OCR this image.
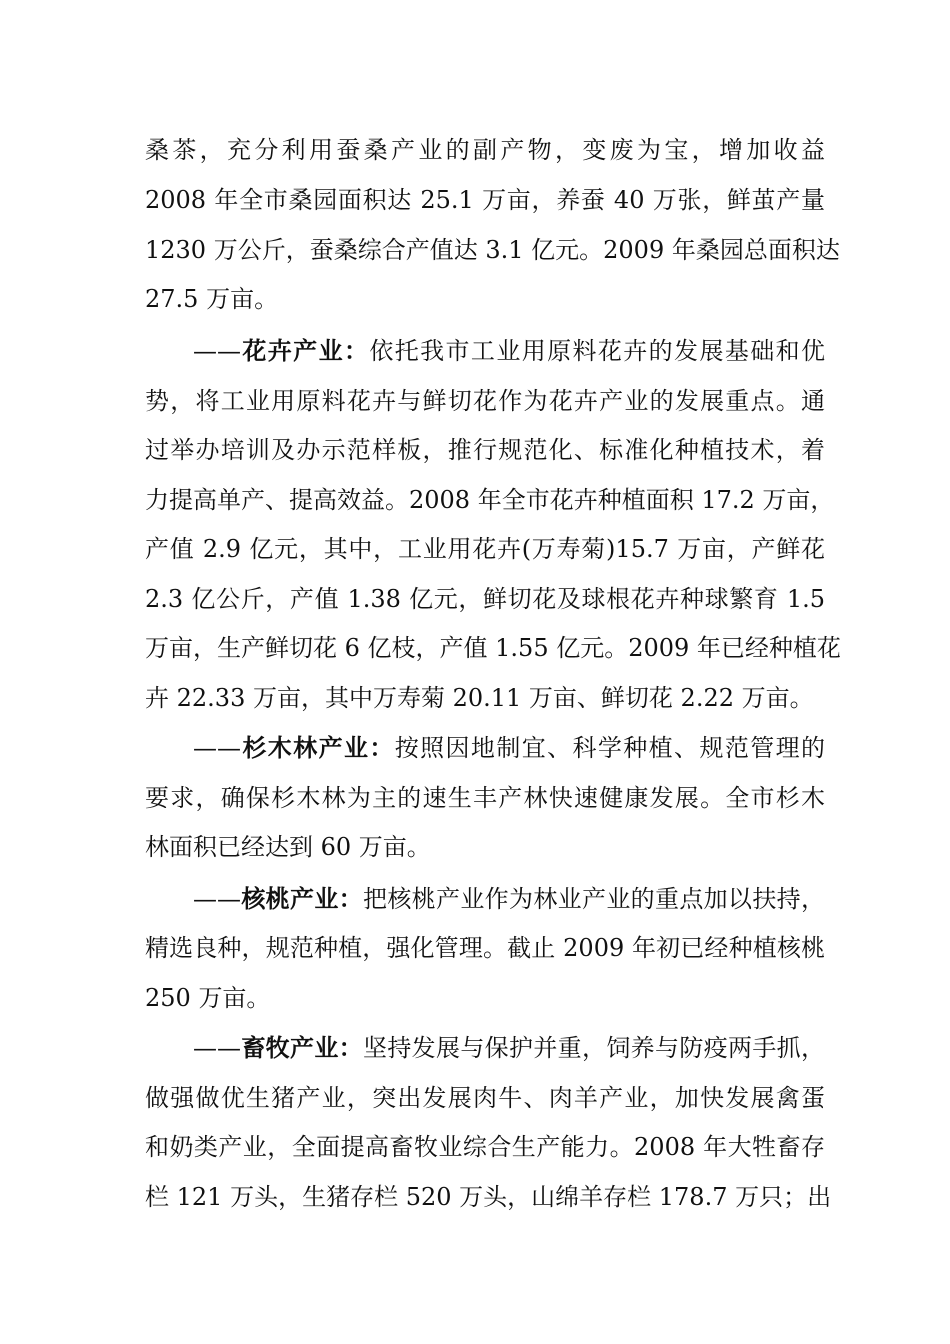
桑茶，充分利用蚕桑产业的副产物，变废为宝，增加收益
2008 年全市桑园面积达 25.1 万亩，养蚕 40 万张，鲜茧产量
1230 万公斤，蚕桑综合产值达 3.1 亿元。2009 年桑园总面积达
27.5 万亩。
——花卉产业：依托我市工业用原料花卉的发展基础和优
势，将工业用原料花卉与鲜切花作为花卉产业的发展重点。通
过举办培训及办示范样板，推行规范化、标准化种植技术，着
力提高单产、提高效益。2008 年全市花卉种植面积 17.2 万亩，
产值 2.9 亿元，其中，工业用花卉(万寿菊)15.7 万亩，产鲜花
2.3 亿公斤，产值 1.38 亿元，鲜切花及球根花卉种球繁育 1.5
万亩，生产鲜切花 6 亿枝，产值 1.55 亿元。2009 年已经种植花
卉 22.33 万亩，其中万寿菊 20.11 万亩、鲜切花 2.22 万亩。
——杉木林产业：按照因地制宜、科学种植、规范管理的
要求，确保杉木林为主的速生丰产林快速健康发展。全市杉木
林面积已经达到 60 万亩。
——核桃产业：把核桃产业作为林业产业的重点加以扶持，
精选良种，规范种植，强化管理。截止 2009 年初已经种植核桃
250 万亩。
——畜牧产业：坚持发展与保护并重，饲养与防疫两手抓，
做强做优生猪产业，突出发展肉牛、肉羊产业，加快发展禽蛋
和奶类产业，全面提高畜牧业综合生产能力。2008 年大牲畜存
栏 121 万头，生猪存栏 520 万头，山绵羊存栏 178.7 万只；出
